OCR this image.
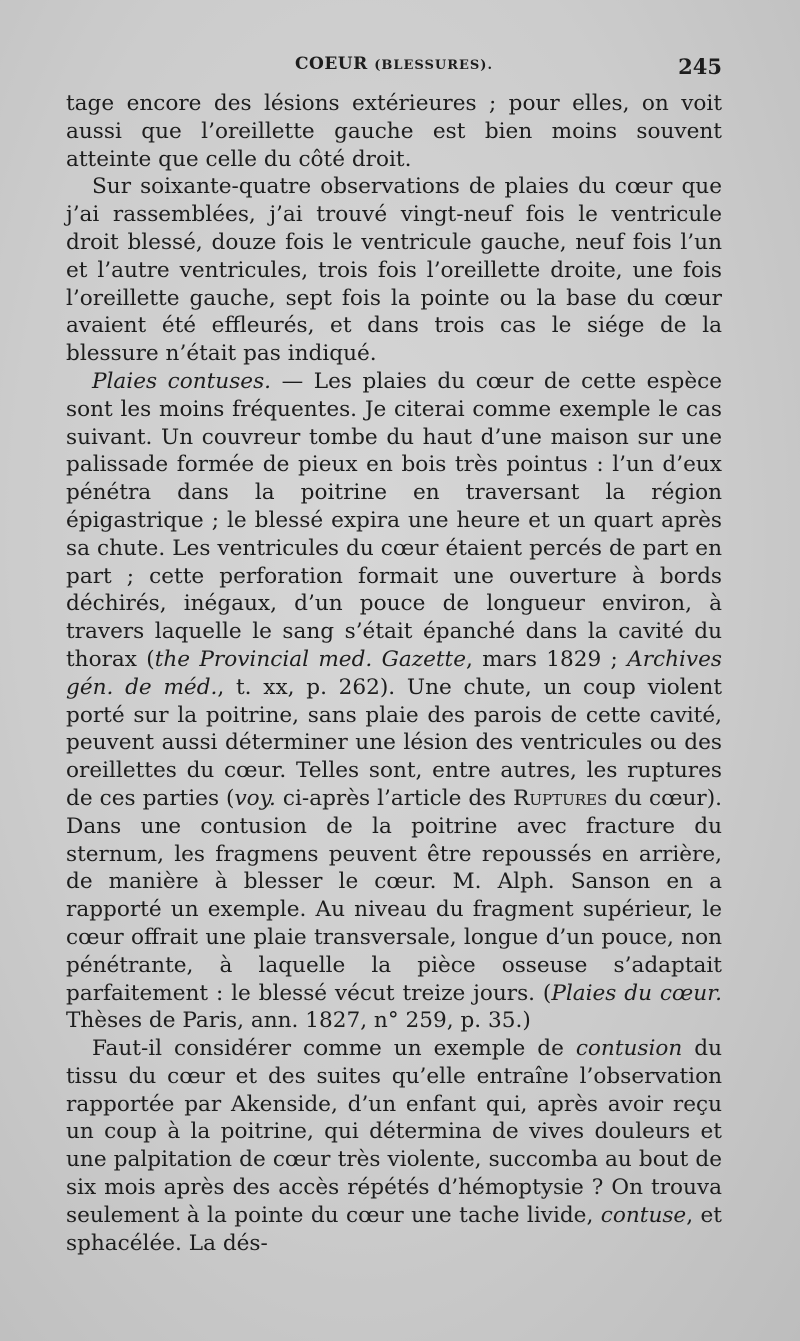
COEUR (BLESSURES).	245

tage encore des lésions extérieures ; pour elles, on voit aussi que l’oreillette gauche est bien moins souvent atteinte que celle du côté droit.

Sur soixante-quatre observations de plaies du cœur que j’ai rassemblées, j’ai trouvé vingt-neuf fois le ventricule droit blessé, douze fois le ventricule gauche, neuf fois l’un et l’autre ventricules, trois fois l’oreillette droite, une fois l’oreillette gauche, sept fois la pointe ou la base du cœur avaient été effleurés, et dans trois cas le siége de la blessure n’était pas indiqué.

Plaies contuses. — Les plaies du cœur de cette espèce sont les moins fréquentes. Je citerai comme exemple le cas suivant. Un couvreur tombe du haut d’une maison sur une palissade formée de pieux en bois très pointus : l’un d’eux pénétra dans la poitrine en traversant la région épigastrique ; le blessé expira une heure et un quart après sa chute. Les ventricules du cœur étaient percés de part en part ; cette perforation formait une ouverture à bords déchirés, inégaux, d’un pouce de longueur environ, à travers laquelle le sang s’était épanché dans la cavité du thorax (the Provincial med. Gazette, mars 1829 ; Archives gén. de méd., t. xx, p. 262). Une chute, un coup violent porté sur la poitrine, sans plaie des parois de cette cavité, peuvent aussi déterminer une lésion des ventricules ou des oreillettes du cœur. Telles sont, entre autres, les ruptures de ces parties (voy. ci-après l’article des Ruptures du cœur). Dans une contusion de la poitrine avec fracture du sternum, les fragmens peuvent être repoussés en arrière, de manière à blesser le cœur. M. Alph. Sanson en a rapporté un exemple. Au niveau du fragment supérieur, le cœur offrait une plaie transversale, longue d’un pouce, non pénétrante, à laquelle la pièce osseuse s’adaptait parfaitement : le blessé vécut treize jours. (Plaies du cœur. Thèses de Paris, ann. 1827, n° 259, p. 35.)

Faut-il considérer comme un exemple de contusion du tissu du cœur et des suites qu’elle entraîne l’observation rapportée par Akenside, d’un enfant qui, après avoir reçu un coup à la poitrine, qui détermina de vives douleurs et une palpitation de cœur très violente, succomba au bout de six mois après des accès répétés d’hémoptysie ? On trouva seulement à la pointe du cœur une tache livide, contuse, et sphacélée. La dés-
